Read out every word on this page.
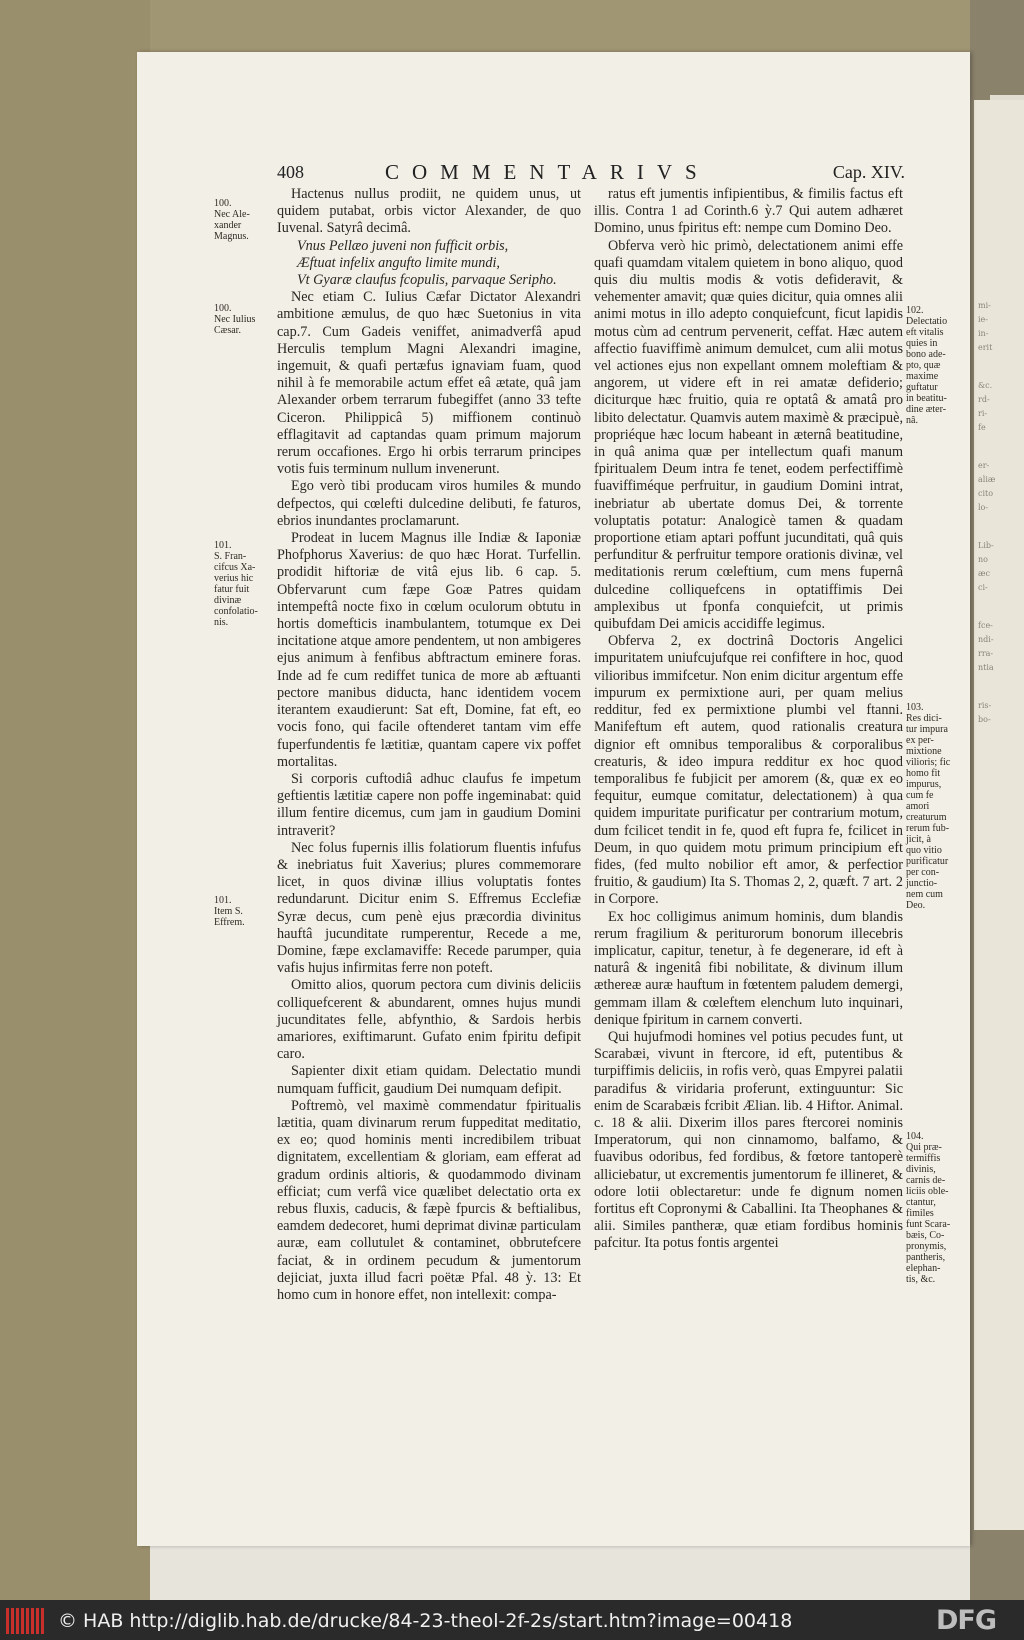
mi-
ie-
in-
erit
&c.
rd-
ri-
fe
er-
aliæ
cito
lo-
Lib-
no
æc
ci-
fce-
ndi-
rra-
ntia
ris-
bo-
408	COMMENTARIVS	Cap. XIV.
100.
Nec Ale-
xander
Magnus.
100.
Nec Iulius
Cæsar.
101.
S. Fran-
cifcus Xa-
verius hic
fatur fuit
divinæ
confolatio-
nis.
101.
Item S.
Effrem.
102.
Delectatio
eft vitalis
quies in
bono ade-
pto, quæ
maxime
guftatur
in beatitu-
dine æter-
nâ.
103.
Res dici-
tur impura
ex per-
mixtione
vilioris; fic
homo fit
impurus,
cum fe
amori
creaturum
rerum fub-
jicit, à
quo vitio
purificatur
per con-
junctio-
nem cum
Deo.
104.
Qui præ-
termiffis
divinis,
carnis de-
liciis oble-
ctantur,
fimiles
funt Scara-
bæis, Co-
pronymis,
pantheris,
elephan-
tis, &c.
Hactenus nullus prodiit, ne quidem unus, ut quidem putabat, orbis victor Alexander, de quo Iuvenal. Satyrâ decimâ.
Vnus Pellæo juveni non fufficit orbis,
Æftuat infelix angufto limite mundi,
Vt Gyaræ claufus fcopulis, parvaque Seripho.
Nec etiam C. Iulius Cæfar Dictator Alexandri ambitione æmulus, de quo hæc Suetonius in vita cap.7. Cum Gadeis veniffet, animadverfâ apud Herculis templum Magni Alexandri imagine, ingemuit, & quafi pertæfus ignaviam fuam, quod nihil à fe memorabile actum effet eâ ætate, quâ jam Alexander orbem terrarum fubegiffet (anno 33 tefte Ciceron. Philippicâ 5) miffionem continuò efflagitavit ad captandas quam primum majorum rerum occafiones. Ergo hi orbis terrarum principes votis fuis terminum nullum invenerunt.
Ego verò tibi producam viros humiles & mundo defpectos, qui cœlefti dulcedine delibuti, fe faturos, ebrios inundantes proclamarunt.
Prodeat in lucem Magnus ille Indiæ & Iaponiæ Phofphorus Xaverius: de quo hæc Horat. Turfellin. prodidit hiftoriæ de vitâ ejus lib. 6 cap. 5. Obfervarunt cum fæpe Goæ Patres quidam intempeftâ nocte fixo in cœlum oculorum obtutu in hortis domefticis inambulantem, totumque ex Dei incitatione atque amore pendentem, ut non ambigeres ejus animum à fenfibus abftractum eminere foras. Inde ad fe cum rediffet tunica de more ab æftuanti pectore manibus diducta, hanc identidem vocem iterantem exaudierunt: Sat eft, Domine, fat eft, eo vocis fono, qui facile oftenderet tantam vim effe fuperfundentis fe lætitiæ, quantam capere vix poffet mortalitas.
Si corporis cuftodiâ adhuc claufus fe impetum geftientis lætitiæ capere non poffe ingeminabat: quid illum fentire dicemus, cum jam in gaudium Domini intraverit?
Nec folus fupernis illis folatiorum fluentis infufus & inebriatus fuit Xaverius; plures commemorare licet, in quos divinæ illius voluptatis fontes redundarunt. Dicitur enim S. Effremus Ecclefiæ Syræ decus, cum penè ejus præcordia divinitus hauftâ jucunditate rumperentur, Recede a me, Domine, fæpe exclamaviffe: Recede parumper, quia vafis hujus infirmitas ferre non poteft.
Omitto alios, quorum pectora cum divinis deliciis colliquefcerent & abundarent, omnes hujus mundi jucunditates felle, abfynthio, & Sardois herbis amariores, exiftimarunt. Gufato enim fpiritu defipit caro.
Sapienter dixit etiam quidam. Delectatio mundi numquam fufficit, gaudium Dei numquam defipit.
Poftremò, vel maximè commendatur fpiritualis lætitia, quam divinarum rerum fuppeditat meditatio, ex eo; quod hominis menti incredibilem tribuat dignitatem, excellentiam & gloriam, eam efferat ad gradum ordinis altioris, & quodammodo divinam efficiat; cum verfâ vice quælibet delectatio orta ex rebus fluxis, caducis, & fæpè fpurcis & beftialibus, eamdem dedecoret, humi deprimat divinæ particulam auræ, eam collutulet & contaminet, obbrutefcere faciat, & in ordinem pecudum & jumentorum dejiciat, juxta illud facri poëtæ Pfal. 48 ỳ. 13: Et homo cum in honore effet, non intellexit: compa-
ratus eft jumentis infipientibus, & fimilis factus eft illis. Contra 1 ad Corinth.6 ỳ.7 Qui autem adhæret Domino, unus fpiritus eft: nempe cum Domino Deo.
Obferva verò hic primò, delectationem animi effe quafi quamdam vitalem quietem in bono aliquo, quod quis diu multis modis & votis defideravit, & vehementer amavit; quæ quies dicitur, quia omnes alii animi motus in illo adepto conquiefcunt, ficut lapidis motus cùm ad centrum pervenerit, ceffat. Hæc autem affectio fuaviffimè animum demulcet, cum alii motus vel actiones ejus non expellant omnem moleftiam & angorem, ut videre eft in rei amatæ defiderio; diciturque hæc fruitio, quia re optatâ & amatâ pro libito delectatur. Quamvis autem maximè & præcipuè, propriéque hæc locum habeant in æternâ beatitudine, in quâ anima quæ per intellectum quafi manum fpiritualem Deum intra fe tenet, eodem perfectiffimè fuaviffiméque perfruitur, in gaudium Domini intrat, inebriatur ab ubertate domus Dei, & torrente voluptatis potatur: Analogicè tamen & quadam proportione etiam aptari poffunt jucunditati, quâ quis perfunditur & perfruitur tempore orationis divinæ, vel meditationis rerum cœleftium, cum mens fupernâ dulcedine colliquefcens in optatiffimis Dei amplexibus ut fponfa conquiefcit, ut primis quibufdam Dei amicis accidiffe legimus.
Obferva 2, ex doctrinâ Doctoris Angelici impuritatem uniufcujufque rei confiftere in hoc, quod vilioribus immifcetur. Non enim dicitur argentum effe impurum ex permixtione auri, per quam melius redditur, fed ex permixtione plumbi vel ftanni. Manifeftum eft autem, quod rationalis creatura dignior eft omnibus temporalibus & corporalibus creaturis, & ideo impura redditur ex hoc quod temporalibus fe fubjicit per amorem (&, quæ ex eo fequitur, eumque comitatur, delectationem) à qua quidem impuritate purificatur per contrarium motum, dum fcilicet tendit in fe, quod eft fupra fe, fcilicet in Deum, in quo quidem motu primum principium eft fides, (fed multo nobilior eft amor, & perfectior fruitio, & gaudium) Ita S. Thomas 2, 2, quæft. 7 art. 2 in Corpore.
Ex hoc colligimus animum hominis, dum blandis rerum fragilium & periturorum bonorum illecebris implicatur, capitur, tenetur, à fe degenerare, id eft à naturâ & ingenitâ fibi nobilitate, & divinum illum æthereæ auræ hauftum in fœtentem paludem demergi, gemmam illam & cœleftem elenchum luto inquinari, denique fpiritum in carnem converti.
Qui hujufmodi homines vel potius pecudes funt, ut Scarabæi, vivunt in ftercore, id eft, putentibus & turpiffimis deliciis, in rofis verò, quas Empyrei palatii paradifus & viridaria proferunt, extinguuntur: Sic enim de Scarabæis fcribit Ælian. lib. 4 Hiftor. Animal. c. 18 & alii. Dixerim illos pares ftercorei nominis Imperatorum, qui non cinnamomo, balfamo, & fuavibus odoribus, fed fordibus, & fœtore tantoperè alliciebatur, ut excrementis jumentorum fe illineret, & odore lotii oblectaretur: unde fe dignum nomen fortitus eft Copronymi & Caballini. Ita Theophanes & alii. Similes pantheræ, quæ etiam fordibus hominis pafcitur. Ita potus fontis argentei
© HAB http://diglib.hab.de/drucke/84-23-theol-2f-2s/start.htm?image=00418	DFG
